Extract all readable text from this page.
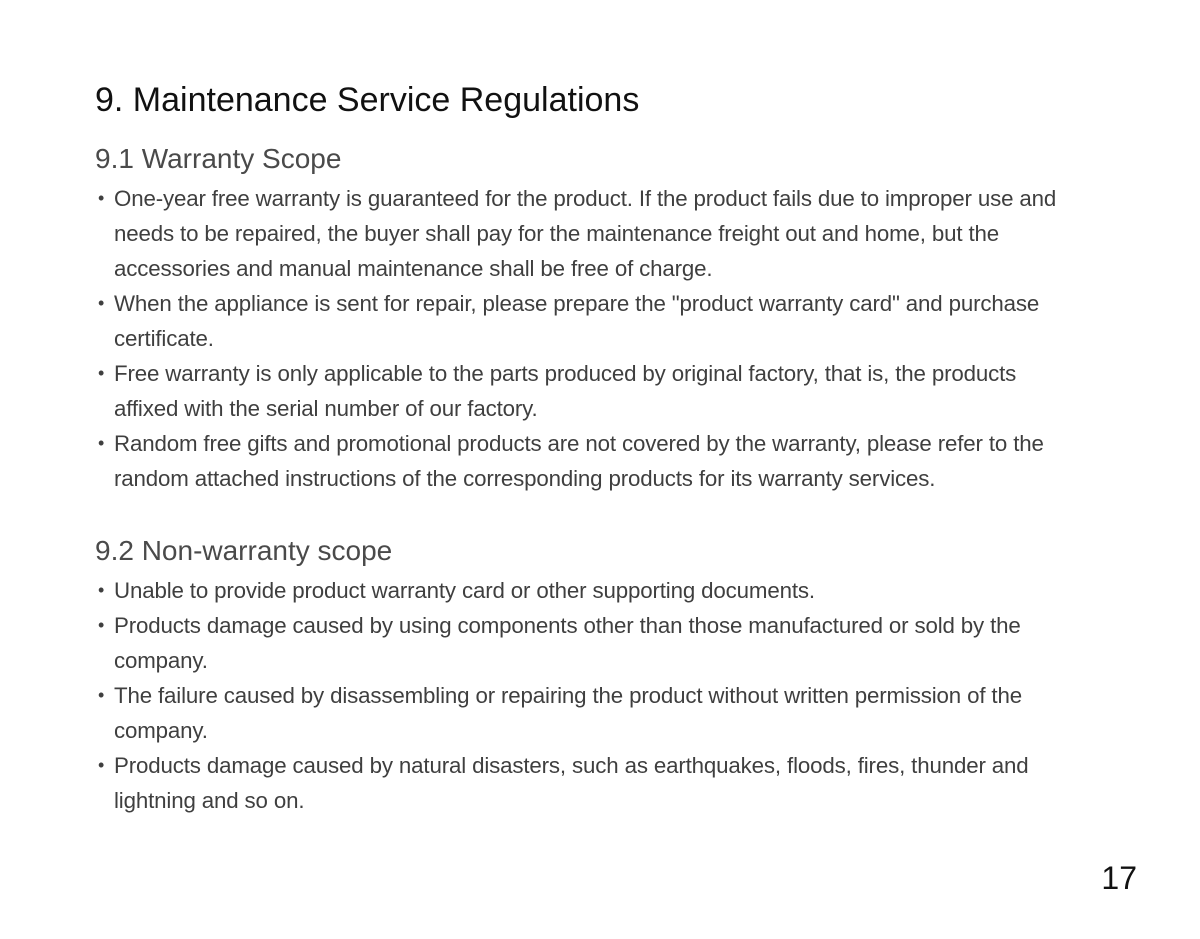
9. Maintenance Service Regulations
9.1 Warranty Scope
• One-year free warranty is guaranteed for the product. If the product fails due to improper use and needs to be repaired, the buyer shall pay for the maintenance freight out and home, but the accessories and manual maintenance shall be free of charge.
• When the appliance is sent for repair, please prepare the "product warranty card" and purchase certificate.
• Free warranty is only applicable to the parts produced by original factory, that is, the products affixed with the serial number of our factory.
• Random free gifts and promotional products are not covered by the warranty, please refer to the random attached instructions of the corresponding products for its warranty services.
9.2 Non-warranty scope
• Unable to provide product warranty card or other supporting documents.
• Products damage caused by using components other than those manufactured or sold by the company.
• The failure caused by disassembling or repairing the product without written permission of the company.
• Products damage caused by natural disasters, such as earthquakes, floods, fires, thunder and lightning and so on.
17
